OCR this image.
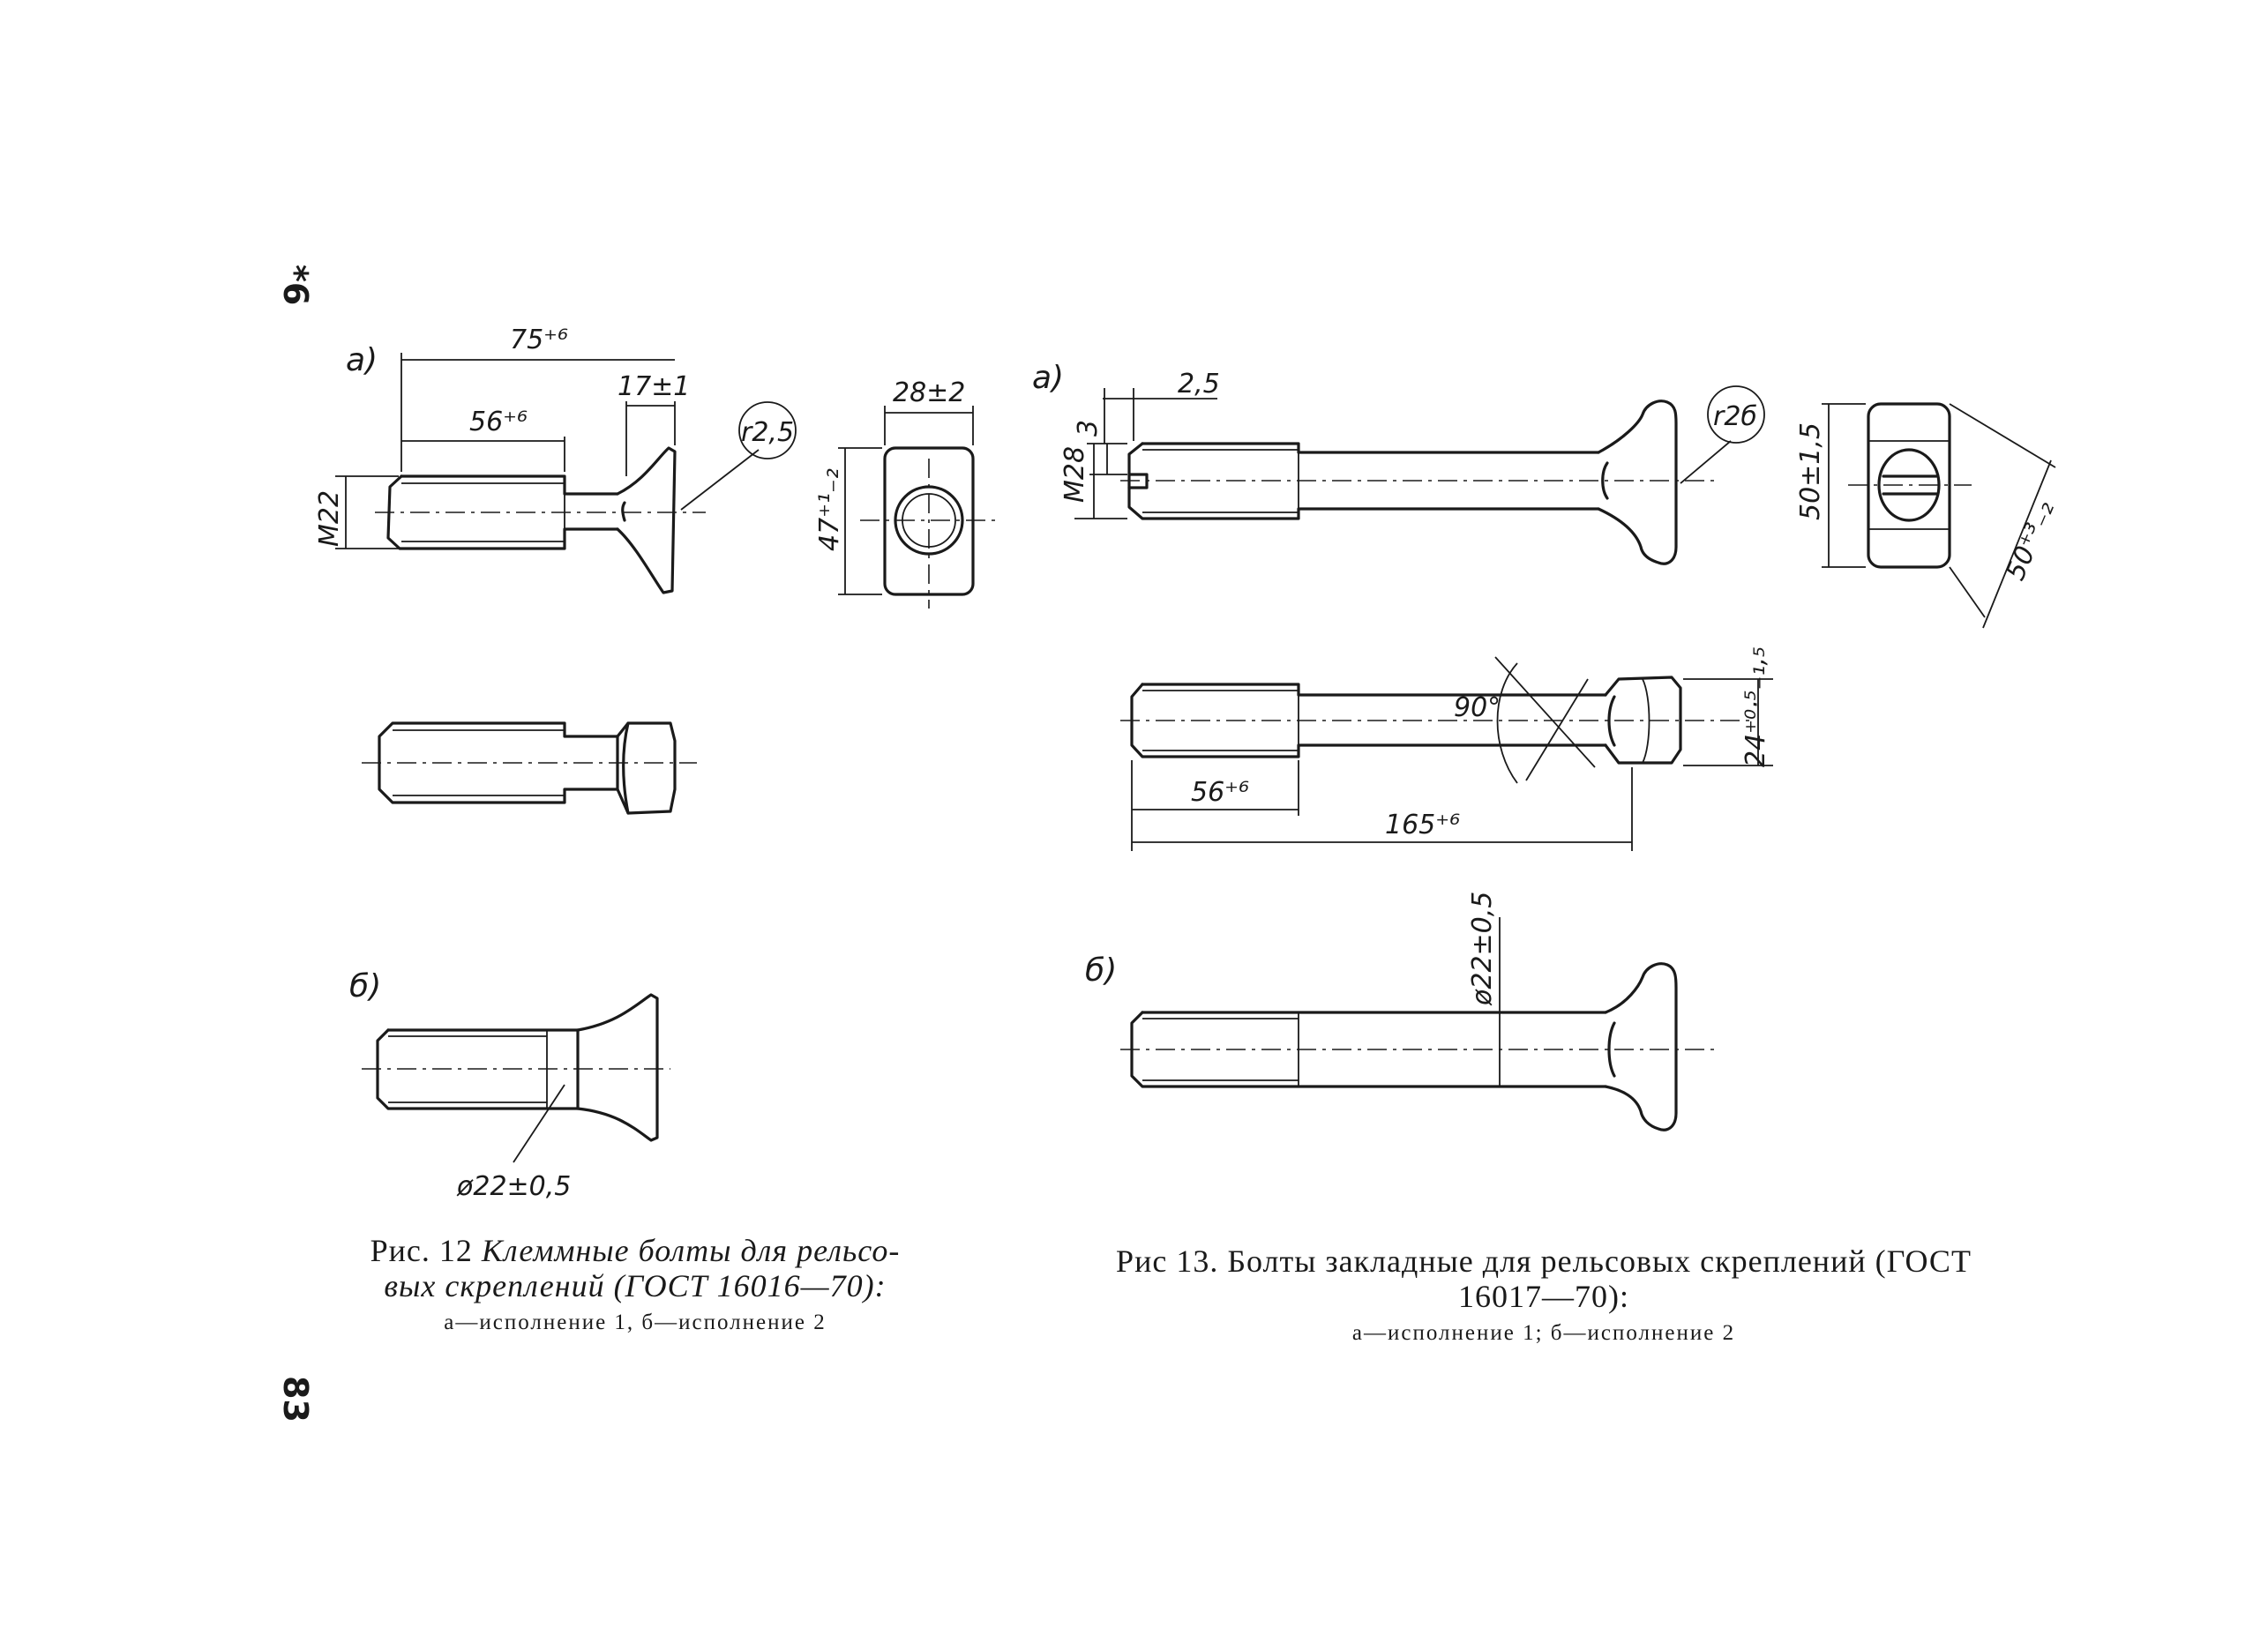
*6
83
а)
75⁺⁶
56⁺⁶
17±1
r2,5
M22
28±2
47⁺¹₋₂
б)
ø22±0,5
а)	2,5
3
M28
r2б
50±1,5
50⁺³₋₂
90°	24⁺⁰·⁵₋₁,₅
56⁺⁶
165⁺⁶
б)	ø22±0,5
Рис. 12 Клеммные болты для рельсо-
вых скреплений (ГОСТ 16016—70):
а—исполнение 1, б—исполнение 2
Рис 13. Болты закладные для рельсовых скреплений (ГОСТ
16017—70):
а—исполнение 1; б—исполнение 2
